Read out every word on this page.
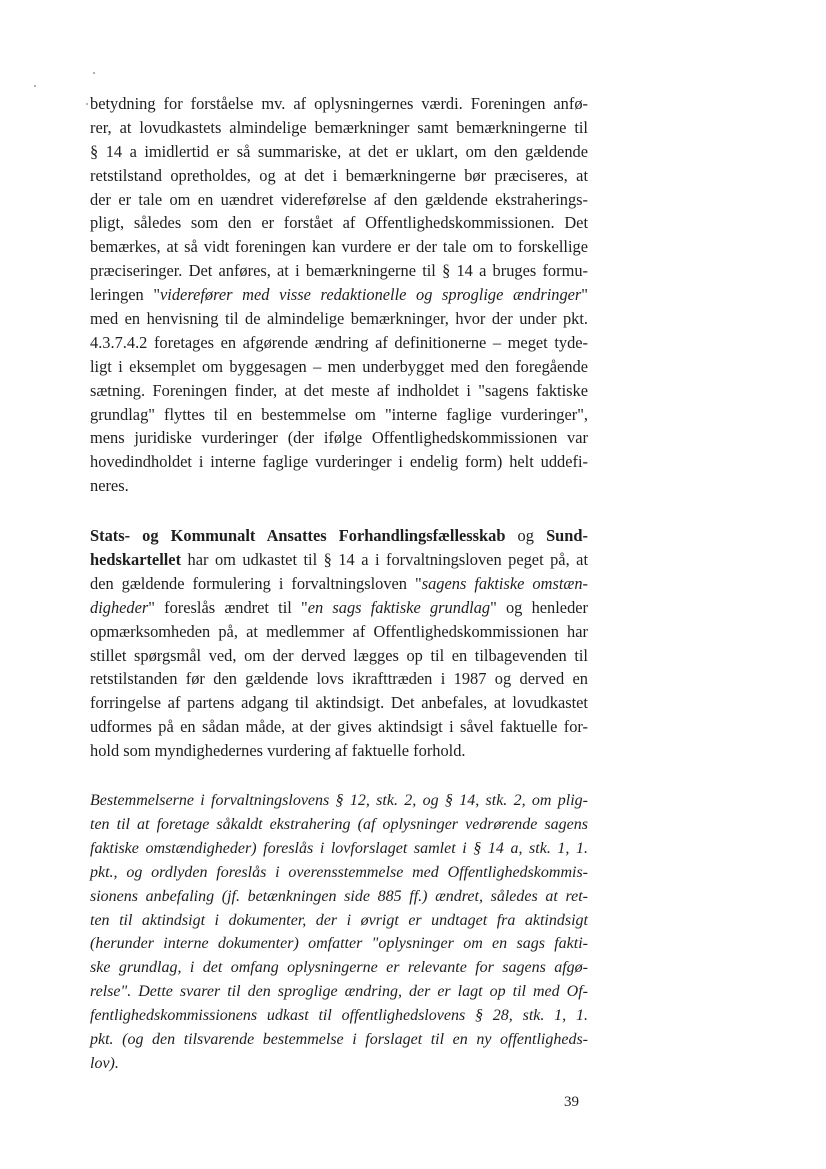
betydning for forståelse mv. af oplysningernes værdi. Foreningen anfø-
rer, at lovudkastets almindelige bemærkninger samt bemærkningerne til
§ 14 a imidlertid er så summariske, at det er uklart, om den gældende
retstilstand opretholdes, og at det i bemærkningerne bør præciseres, at
der er tale om en uændret videreførelse af den gældende ekstraherings-
pligt, således som den er forstået af Offentlighedskommissionen. Det
bemærkes, at så vidt foreningen kan vurdere er der tale om to forskellige
præciseringer. Det anføres, at i bemærkningerne til § 14 a bruges formu-
leringen "viderefører med visse redaktionelle og sproglige ændringer"
med en henvisning til de almindelige bemærkninger, hvor der under pkt.
4.3.7.4.2 foretages en afgørende ændring af definitionerne – meget tyde-
ligt i eksemplet om byggesagen – men underbygget med den foregående
sætning. Foreningen finder, at det meste af indholdet i "sagens faktiske
grundlag" flyttes til en bestemmelse om "interne faglige vurderinger",
mens juridiske vurderinger (der ifølge Offentlighedskommissionen var
hovedindholdet i interne faglige vurderinger i endelig form) helt uddefi-
neres.
Stats- og Kommunalt Ansattes Forhandlingsfællesskab og Sund-
hedskartellet har om udkastet til § 14 a i forvaltningsloven peget på, at
den gældende formulering i forvaltningsloven "sagens faktiske omstæn-
digheder" foreslås ændret til "en sags faktiske grundlag" og henleder
opmærksomheden på, at medlemmer af Offentlighedskommissionen har
stillet spørgsmål ved, om der derved lægges op til en tilbagevenden til
retstilstanden før den gældende lovs ikrafttræden i 1987 og derved en
forringelse af partens adgang til aktindsigt. Det anbefales, at lovudkastet
udformes på en sådan måde, at der gives aktindsigt i såvel faktuelle for-
hold som myndighedernes vurdering af faktuelle forhold.
Bestemmelserne i forvaltningslovens § 12, stk. 2, og § 14, stk. 2, om plig-
ten til at foretage såkaldt ekstrahering (af oplysninger vedrørende sagens
faktiske omstændigheder) foreslås i lovforslaget samlet i § 14 a, stk. 1, 1.
pkt., og ordlyden foreslås i overensstemmelse med Offentlighedskommis-
sionens anbefaling (jf. betænkningen side 885 ff.) ændret, således at ret-
ten til aktindsigt i dokumenter, der i øvrigt er undtaget fra aktindsigt
(herunder interne dokumenter) omfatter "oplysninger om en sags fakti-
ske grundlag, i det omfang oplysningerne er relevante for sagens afgø-
relse". Dette svarer til den sproglige ændring, der er lagt op til med Of-
fentlighedskommissionens udkast til offentlighedslovens § 28, stk. 1, 1.
pkt. (og den tilsvarende bestemmelse i forslaget til en ny offentligheds-
lov).
39
